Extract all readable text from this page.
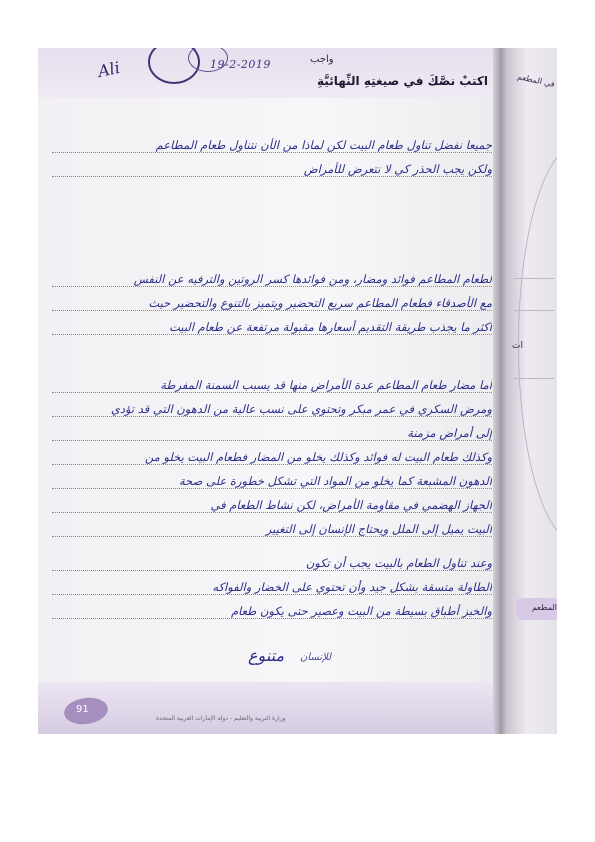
Ali	19-2-2019	واجب
اكتبْ نصَّكَ في صيغتِهِ النِّهائيَّةِ
جميعا نفضل تناول طعام البيت لكن لماذا من الأن نتناول طعام المطاعم
ولكن يجب الحذر كي لا نتعرض للأمراض
لطعام المطاعم فوائد ومضار، ومن فوائدها كسر الروتين والترفيه عن النفس
مع الأصدقاء فطعام المطاعم سريع التحضير ويتميز بالتنوع والتحضير حيث
أكثر ما يجذب طريقة التقديم أسعارها مقبولة مرتفعة عن طعام البيت
أما مضار طعام المطاعم عدة الأمراض منها قد يسبب السمنة المفرطة
ومرض السكري في عمر مبكر وتحتوي على نسب عالية من الدهون التي قد تؤدي
إلى أمراض مزمنة
وكذلك طعام البيت له فوائد وكذلك يخلو من المضار فطعام البيت يخلو من
الدهون المشبعة كما يخلو من المواد التي تشكل خطورة على صحة
الجهاز الهضمي في مقاومة الأمراض، لكن نشاط الطعام في
البيت يميل إلى الملل ويحتاج الإنسان إلى التغيير
وعند تناول الطعام بالبيت يجب أن تكون
الطاولة متسقة بشكل جيد وأن تحتوي على الخضار والفواكه
والخبز أطباق بسيطة من البيت وعصير حتى يكون طعام
متنوع للإنسان
91
وزارة التربية والتعليم - دولة الإمارات العربية المتحدة
في المطعم
ات
المطعم
